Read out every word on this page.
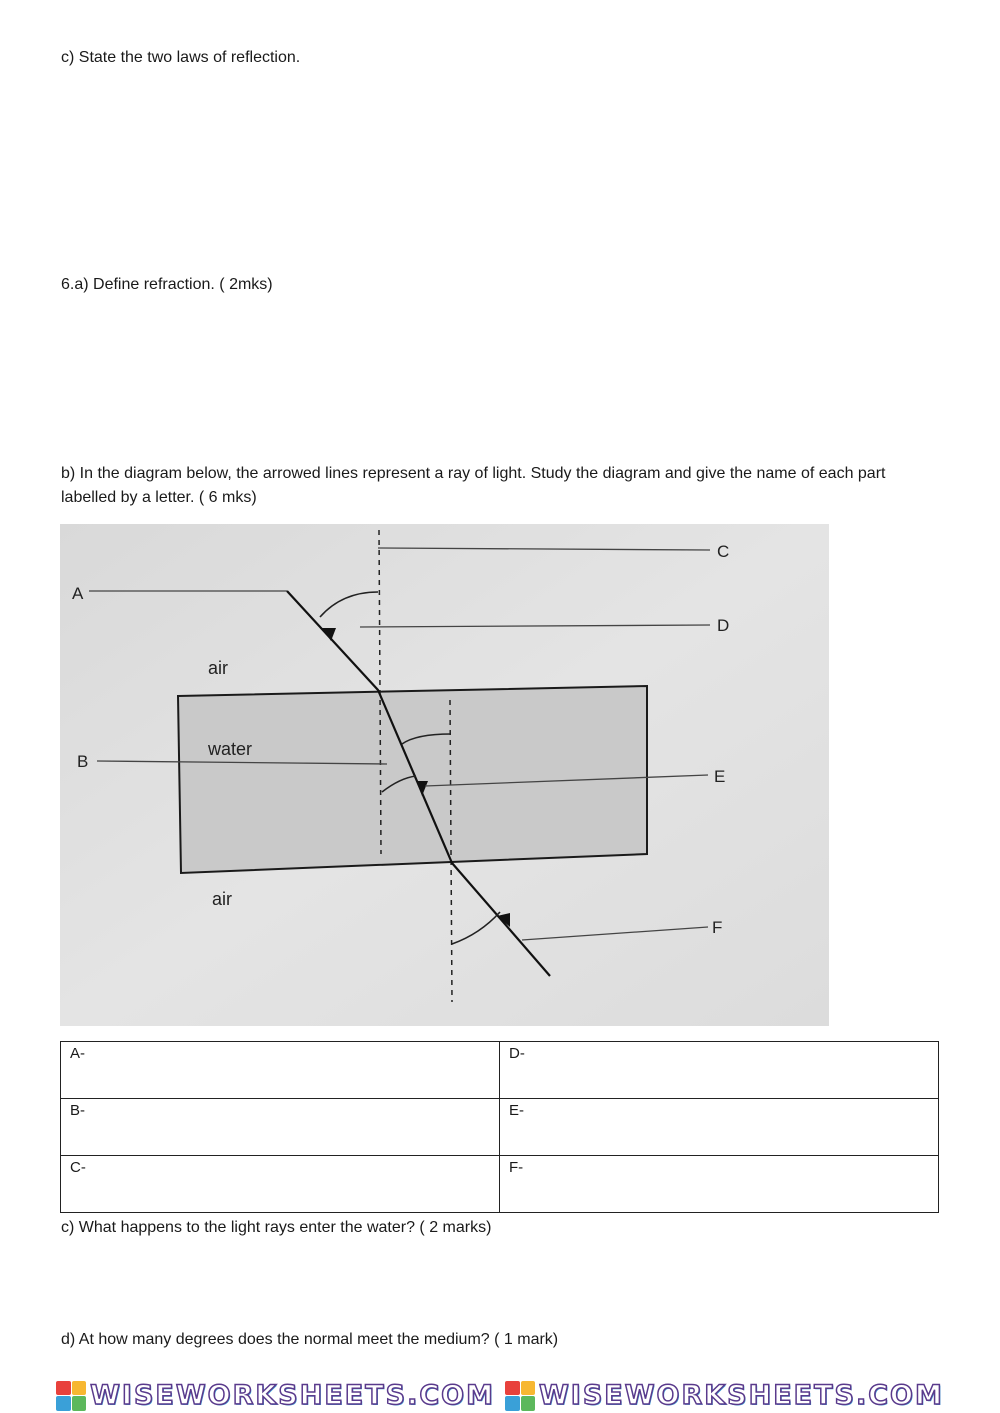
c) State the two laws of reflection.

6.a) Define refraction. ( 2mks)

b) In the diagram below, the arrowed lines represent a ray of light. Study the diagram and give the name of each part labelled by a letter. ( 6 mks)

A
B
C
D
E
F
air
water
air
A-	D-
B-	E-
C-	F-

c) What happens to the light rays enter the water? ( 2 marks)

d) At how many degrees does the normal meet the medium? ( 1 mark)

WISEWORKSHEETS.COM WISEWORKSHEETS.COM
